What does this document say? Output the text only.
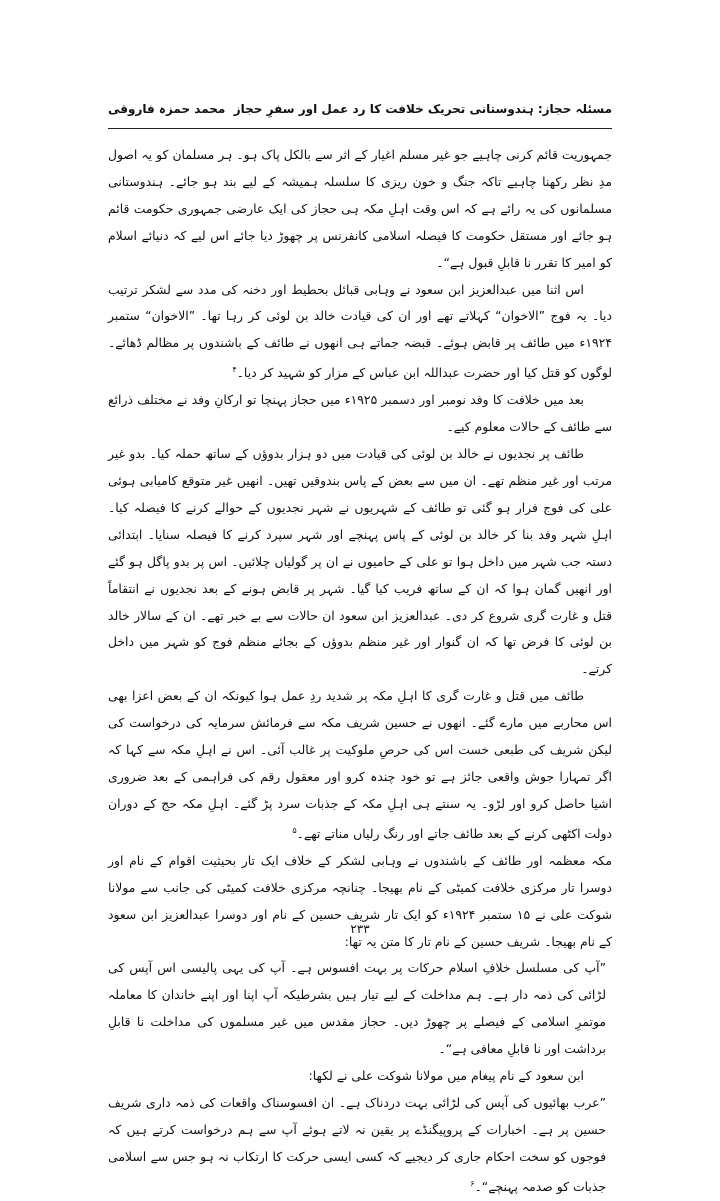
مسئلہ حجاز: ہندوستانی تحریک خلافت کا رد عمل اور سفرِ حجاز
محمد حمزہ فاروقی

جمہوریت قائم کرنی چاہیے جو غیر مسلم اغیار کے اثر سے بالکل پاک ہو۔ ہر مسلمان کو یہ اصول مدِ نظر رکھنا چاہیے تاکہ جنگ و خون ریزی کا سلسلہ ہمیشہ کے لیے بند ہو جائے۔ ہندوستانی مسلمانوں کی یہ رائے ہے کہ اس وقت اہلِ مکہ ہی حجاز کی ایک عارضی جمہوری حکومت قائم ہو جائے اور مستقل حکومت کا فیصلہ اسلامی کانفرنس پر چھوڑ دیا جائے اس لیے کہ دنیائے اسلام کو امیر کا تقرر نا قابلِ قبول ہے“۔

اس اثنا میں عبدالعزیز ابن سعود نے وہابی قبائل بحطیط اور دخنہ کی مدد سے لشکر ترتیب دیا۔ یہ فوج ”الاخوان“ کہلاتے تھے اور ان کی قیادت خالد بن لوئی کر رہا تھا۔ ”الاخوان“ ستمبر ۱۹۲۴ء میں طائف پر قابض ہوئے۔ قبضہ جماتے ہی انھوں نے طائف کے باشندوں پر مظالم ڈھائے۔ لوگوں کو قتل کیا اور حضرت عبداللہ ابن عباس کے مزار کو شہید کر دیا۔$^۴$

بعد میں خلافت کا وفد نومبر اور دسمبر ۱۹۲۵ء میں حجاز پہنچا تو ارکانِ وفد نے مختلف ذرائع سے طائف کے حالات معلوم کیے۔

طائف پر نجدیوں نے خالد بن لوئی کی قیادت میں دو ہزار بدوؤں کے ساتھ حملہ کیا۔ بدو غیر مرتب اور غیر منظم تھے۔ ان میں سے بعض کے پاس بندوقیں تھیں۔ انھیں غیر متوقع کامیابی ہوئی علی کی فوج فرار ہو گئی تو طائف کے شہریوں نے شہر نجدیوں کے حوالے کرنے کا فیصلہ کیا۔ اہلِ شہر وفد بنا کر خالد بن لوئی کے پاس پہنچے اور شہر سپرد کرنے کا فیصلہ سنایا۔ ابتدائی دستہ جب شہر میں داخل ہوا تو علی کے حامیوں نے ان پر گولیاں چلائیں۔ اس پر بدو پاگل ہو گئے اور انھیں گمان ہوا کہ ان کے ساتھ فریب کیا گیا۔ شہر پر قابض ہونے کے بعد نجدیوں نے انتقاماً قتل و غارت گری شروع کر دی۔ عبدالعزیز ابن سعود ان حالات سے بے خبر تھے۔ ان کے سالار خالد بن لوئی کا فرض تھا کہ ان گنوار اور غیر منظم بدوؤں کے بجائے منظم فوج کو شہر میں داخل کرتے۔

طائف میں قتل و غارت گری کا اہلِ مکہ پر شدید ردِ عمل ہوا کیونکہ ان کے بعض اعزا بھی اس محاربے میں مارے گئے۔ انھوں نے حسین شریف مکہ سے فرمائش سرمایہ کی درخواست کی لیکن شریف کی طبعی خست اس کی حرصِ ملوکیت پر غالب آئی۔ اس نے اہلِ مکہ سے کہا کہ اگر تمہارا جوش واقعی جائز ہے تو خود چندہ کرو اور معقول رقم کی فراہمی کے بعد ضروری اشیا حاصل کرو اور لڑو۔ یہ سنتے ہی اہلِ مکہ کے جذبات سرد پڑ گئے۔ اہلِ مکہ حج کے دوران دولت اکٹھی کرنے کے بعد طائف جاتے اور رنگ رلیاں مناتے تھے۔$^۵$

مکہ معظمہ اور طائف کے باشندوں نے وہابی لشکر کے خلاف ایک تار بحیثیت اقوام کے نام اور دوسرا تار مرکزی خلافت کمیٹی کے نام بھیجا۔ چنانچہ مرکزی خلافت کمیٹی کی جانب سے مولانا شوکت علی نے ۱۵ ستمبر ۱۹۲۴ء کو ایک تار شریف حسین کے نام اور دوسرا عبدالعزیز ابن سعود کے نام بھیجا۔ شریف حسین کے نام تار کا متن یہ تھا:

”آپ کی مسلسل خلافِ اسلام حرکات پر بہت افسوس ہے۔ آپ کی یہی پالیسی اس آپس کی لڑائی کی ذمہ دار ہے۔ ہم مداخلت کے لیے تیار ہیں بشرطیکہ آپ اپنا اور اپنے خاندان کا معاملہ موتمرِ اسلامی کے فیصلے پر چھوڑ دیں۔ حجاز مقدس میں غیر مسلموں کی مداخلت نا قابلِ برداشت اور نا قابلِ معافی ہے“۔

ابن سعود کے نام پیغام میں مولانا شوکت علی نے لکھا:

”عرب بھائیوں کی آپس کی لڑائی بہت دردناک ہے۔ ان افسوسناک واقعات کی ذمہ داری شریف حسین پر ہے۔ اخبارات کے پروپیگنڈے پر یقین نہ لاتے ہوئے آپ سے ہم درخواست کرتے ہیں کہ فوجوں کو سخت احکام جاری کر دیجیے کہ کسی ایسی حرکت کا ارتکاب نہ ہو جس سے اسلامی جذبات کو صدمہ پہنچے“۔$^۶$

۲۳۳
